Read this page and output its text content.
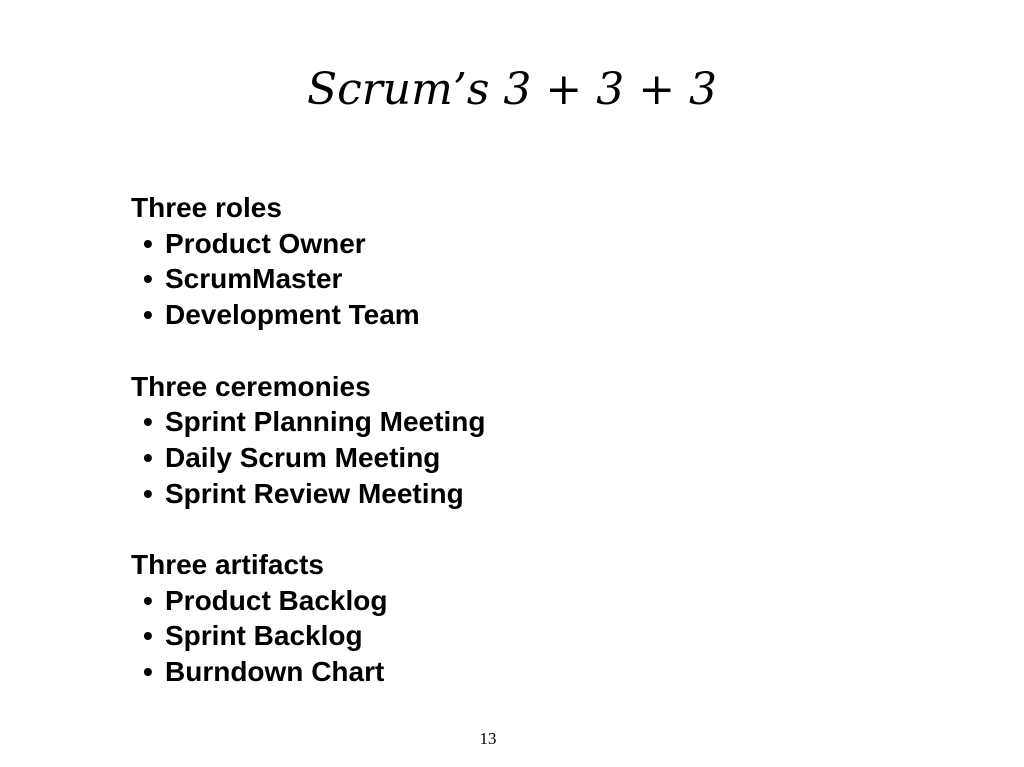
Scrum’s 3 + 3 + 3
Three roles
• Product Owner
• ScrumMaster
• Development Team
Three ceremonies
• Sprint Planning Meeting
• Daily Scrum Meeting
• Sprint Review Meeting
Three artifacts
• Product Backlog
• Sprint Backlog
• Burndown Chart
13
